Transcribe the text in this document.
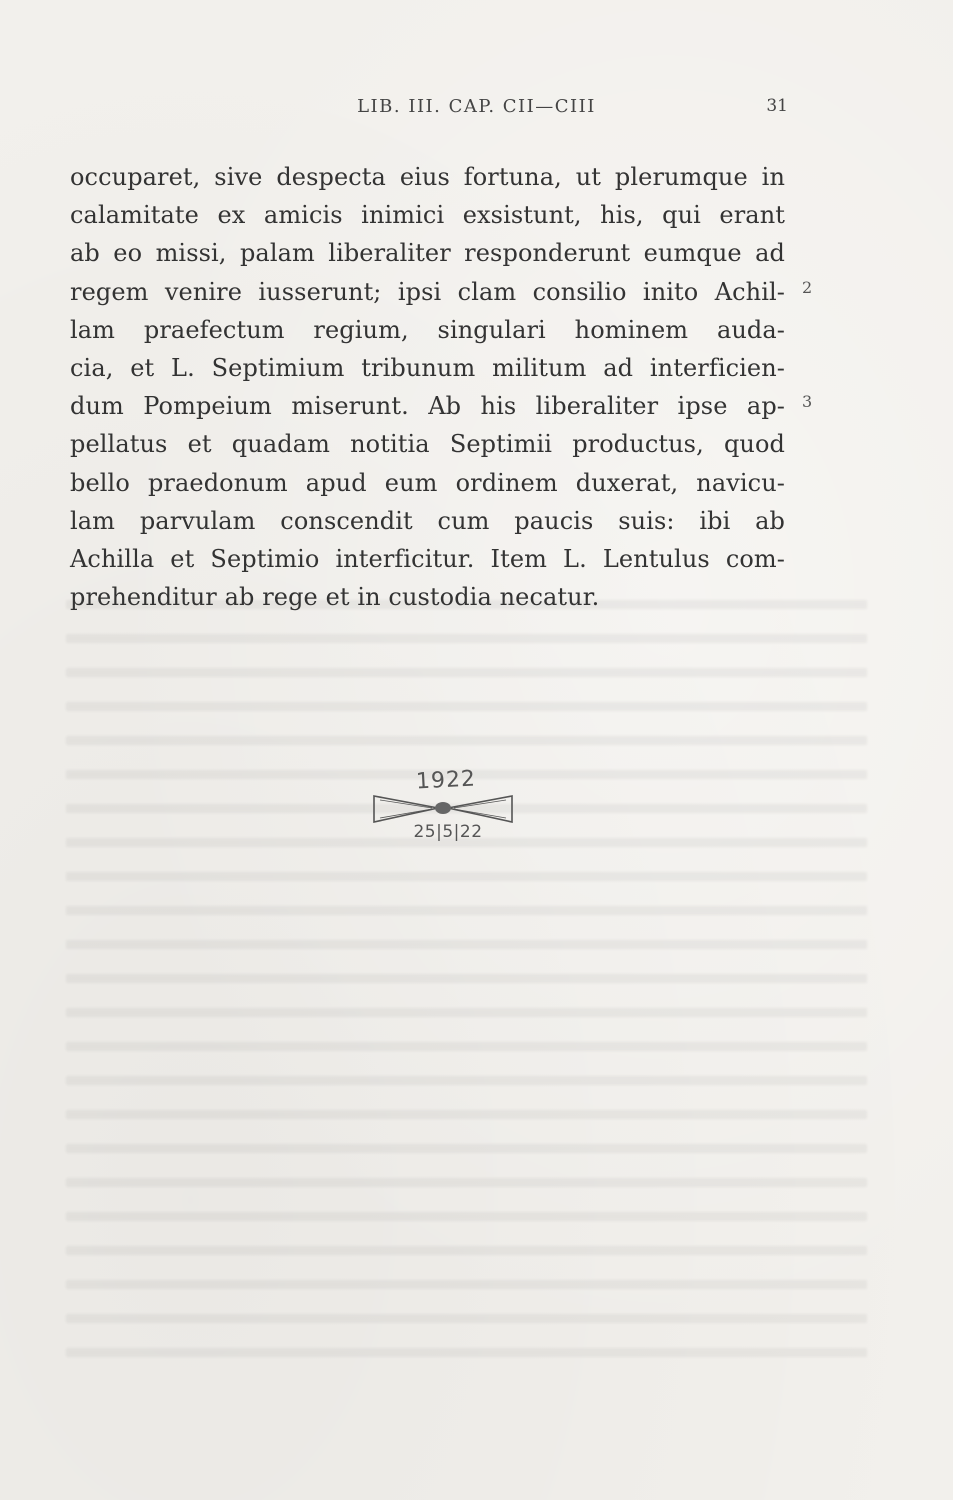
LIB. III. CAP. CII—CIII	31
occuparet, sive despecta eius fortuna, ut plerumque in
calamitate ex amicis inimici exsistunt, his, qui erant
ab eo missi, palam liberaliter responderunt eumque ad
regem venire iusserunt; ipsi clam consilio inito Achil-
lam praefectum regium, singulari hominem auda-
cia, et L. Septimium tribunum militum ad interficien-
dum Pompeium miserunt. Ab his liberaliter ipse ap-
pellatus et quadam notitia Septimii productus, quod
bello praedonum apud eum ordinem duxerat, navicu-
lam parvulam conscendit cum paucis suis: ibi ab
Achilla et Septimio interficitur. Item L. Lentulus com-
prehenditur ab rege et in custodia necatur.
2
3
1922
25|5|22
